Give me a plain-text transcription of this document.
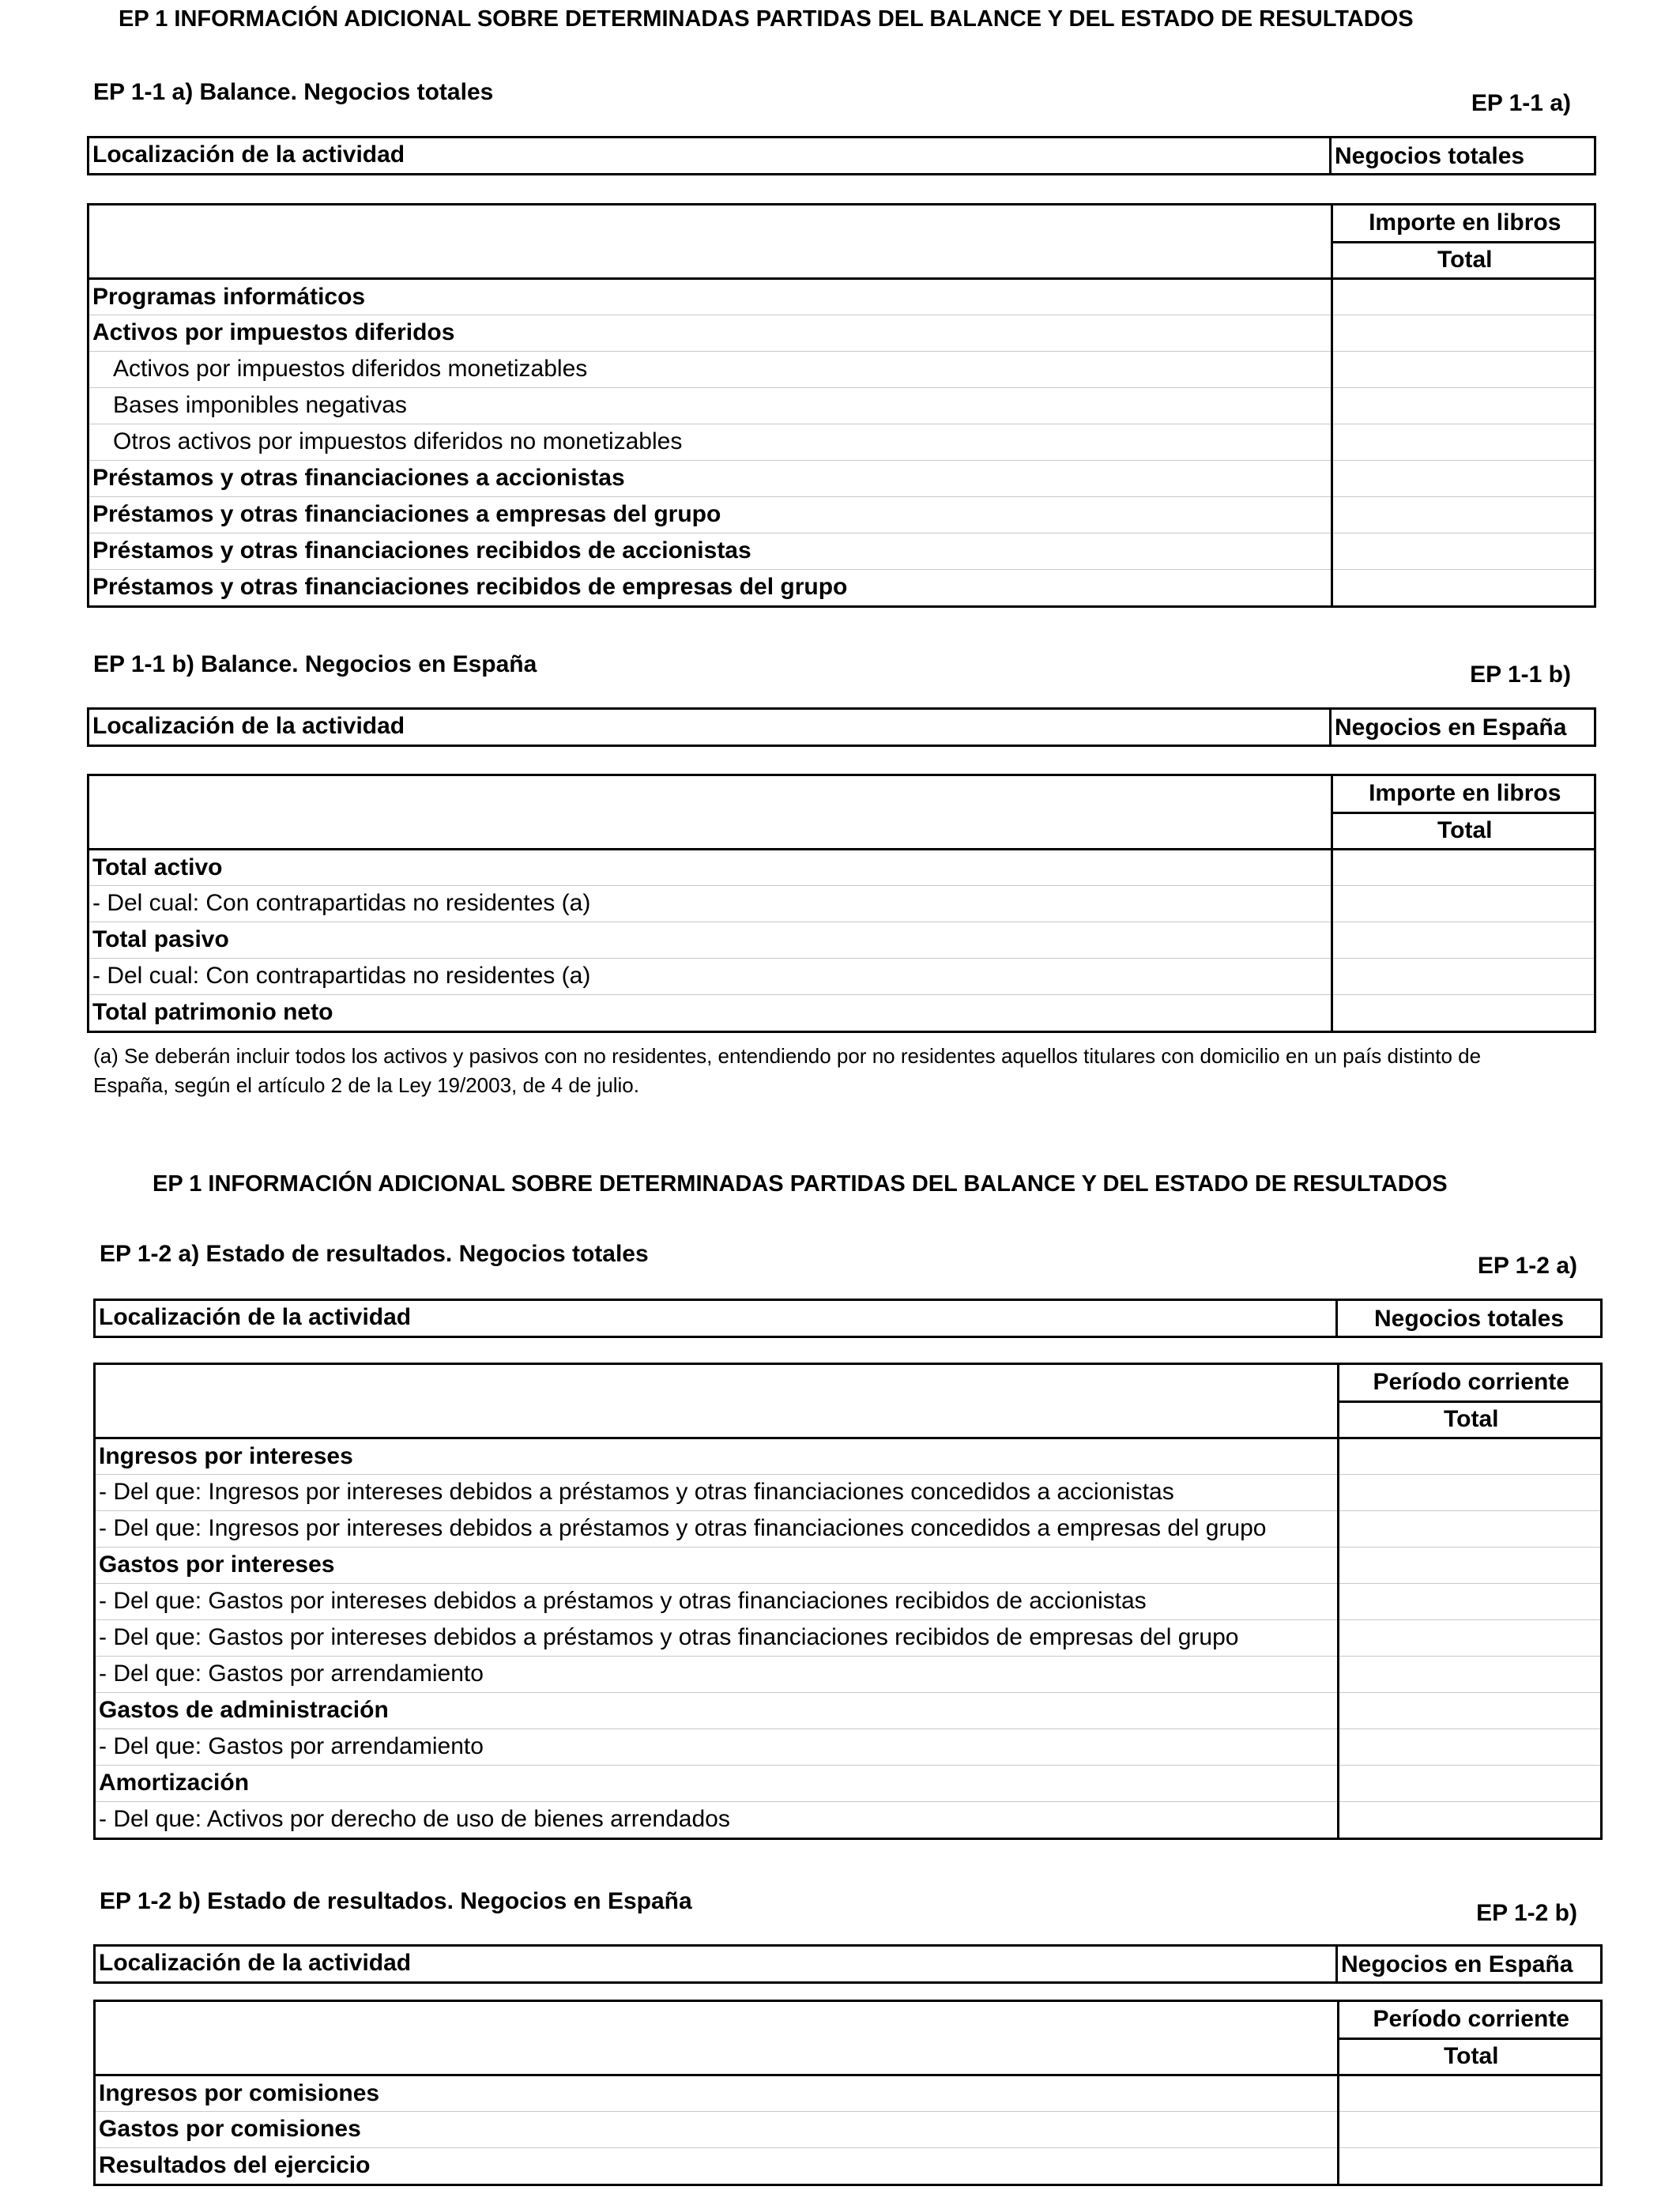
EP 1 INFORMACIÓN ADICIONAL SOBRE DETERMINADAS PARTIDAS DEL BALANCE Y DEL ESTADO DE RESULTADOS
EP 1-1 a) Balance. Negocios totales	EP 1-1 a)
Localización de la actividad	Negocios totales
	Importe en libros
	Total
Programas informáticos	
Activos por impuestos diferidos	
Activos por impuestos diferidos monetizables	
Bases imponibles negativas	
Otros activos por impuestos diferidos no monetizables	
Préstamos y otras financiaciones a accionistas	
Préstamos y otras financiaciones a empresas del grupo	
Préstamos y otras financiaciones recibidos de accionistas	
Préstamos y otras financiaciones recibidos de empresas del grupo	
EP 1-1 b) Balance. Negocios en España	EP 1-1 b)
Localización de la actividad	Negocios en España
	Importe en libros
	Total
Total activo	
- Del cual: Con contrapartidas no residentes (a)	
Total pasivo	
- Del cual: Con contrapartidas no residentes (a)	
Total patrimonio neto	
(a) Se deberán incluir todos los activos y pasivos con no residentes, entendiendo por no residentes aquellos titulares con domicilio en un país distinto de
España, según el artículo 2 de la Ley 19/2003, de 4 de julio.
EP 1 INFORMACIÓN ADICIONAL SOBRE DETERMINADAS PARTIDAS DEL BALANCE Y DEL ESTADO DE RESULTADOS
EP 1-2 a) Estado de resultados. Negocios totales	EP 1-2 a)
Localización de la actividad	Negocios totales
	Período corriente
	Total
Ingresos por intereses	
- Del que: Ingresos por intereses debidos a préstamos y otras financiaciones concedidos a accionistas	
- Del que: Ingresos por intereses debidos a préstamos y otras financiaciones concedidos a empresas del grupo	
Gastos por intereses	
- Del que: Gastos por intereses debidos a préstamos y otras financiaciones recibidos de accionistas	
- Del que: Gastos por intereses debidos a préstamos y otras financiaciones recibidos de empresas del grupo	
- Del que: Gastos por arrendamiento	
Gastos de administración	
- Del que: Gastos por arrendamiento	
Amortización	
- Del que: Activos por derecho de uso de bienes arrendados	
EP 1-2 b) Estado de resultados. Negocios en España	EP 1-2 b)
Localización de la actividad	Negocios en España
	Período corriente
	Total
Ingresos por comisiones	
Gastos por comisiones	
Resultados del ejercicio	
